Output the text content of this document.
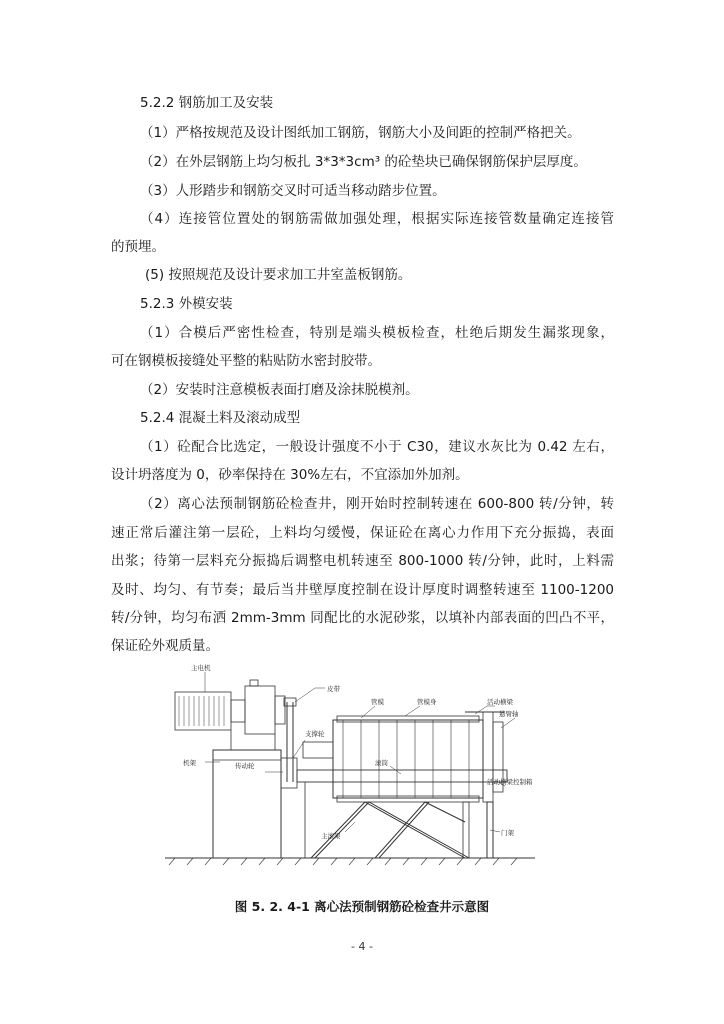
5.2.2 钢筋加工及安装
（1）严格按规范及设计图纸加工钢筋，钢筋大小及间距的控制严格把关。
（2）在外层钢筋上均匀板扎 3*3*3cm³ 的砼垫块已确保钢筋保护层厚度。
（3）人形踏步和钢筋交叉时可适当移动踏步位置。
（4）连接管位置处的钢筋需做加强处理，根据实际连接管数量确定连接管
的预埋。
(5) 按照规范及设计要求加工井室盖板钢筋。
5.2.3 外模安装
（1）合模后严密性检查，特别是端头模板检查，杜绝后期发生漏浆现象，
可在钢模板接缝处平整的粘贴防水密封胶带。
（2）安装时注意模板表面打磨及涂抹脱模剂。
5.2.4 混凝土料及滚动成型
（1）砼配合比选定，一般设计强度不小于 C30，建议水灰比为 0.42 左右，
设计坍落度为 0，砂率保持在 30%左右，不宜添加外加剂。
（2）离心法预制钢筋砼检查井，刚开始时控制转速在 600-800 转/分钟，转
速正常后灌注第一层砼，上料均匀缓慢，保证砼在离心力作用下充分振捣，表面
出浆；待第一层料充分振捣后调整电机转速至 800-1000 转/分钟，此时，上料需
及时、均匀、有节奏；最后当井壁厚度控制在设计厚度时调整转速至 1100-1200
转/分钟，均匀布洒 2mm-3mm 同配比的水泥砂浆，以填补内部表面的凹凸不平，
保证砼外观质量。
主电机
皮带
支撑轮
传动轮
机架
管模	管模身	活动横梁
悬臂轴
滚筒
活动横梁控制箱
主滚架	门架
图 5. 2. 4-1 离心法预制钢筋砼检查井示意图
- 4 -
